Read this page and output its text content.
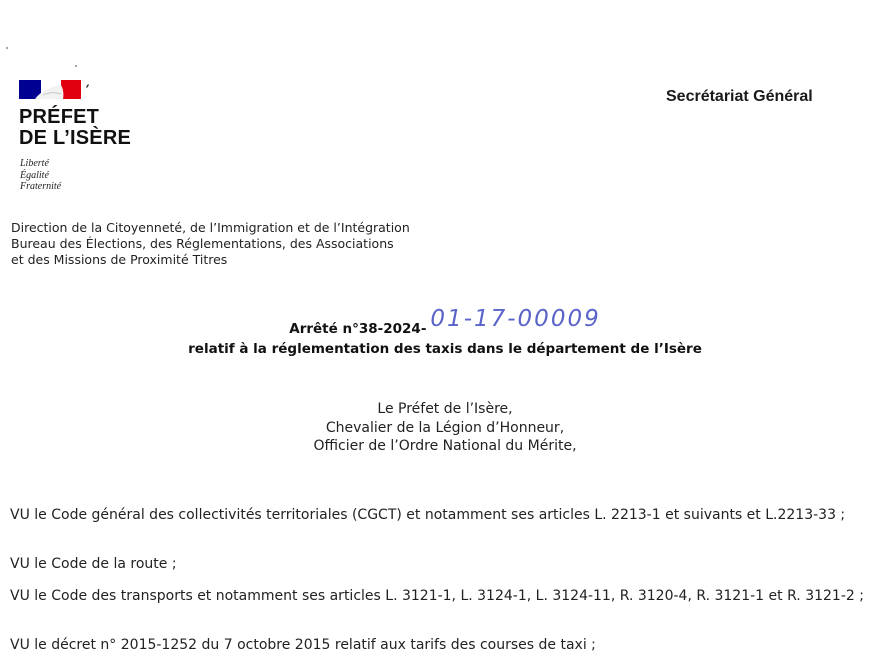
PRÉFET
DE L’ISÈRE
Liberté
Égalité
Fraternité
Secrétariat Général
Direction de la Citoyenneté, de l’Immigration et de l’Intégration
Bureau des Élections, des Réglementations, des Associations
et des Missions de Proximité Titres
Arrêté n°38-2024- 01-17-00009
relatif à la réglementation des taxis dans le département de l’Isère
Le Préfet de l’Isère,
Chevalier de la Légion d’Honneur,
Officier de l’Ordre National du Mérite,
VU le Code général des collectivités territoriales (CGCT) et notamment ses articles L. 2213-1 et suivants et L.2213-33 ;
VU le Code de la route ;
VU le Code des transports et notamment ses articles L. 3121-1, L. 3124-1, L. 3124-11, R. 3120-4, R. 3121-1 et R. 3121-2 ;
VU le décret n° 2015-1252 du 7 octobre 2015 relatif aux tarifs des courses de taxi ;
